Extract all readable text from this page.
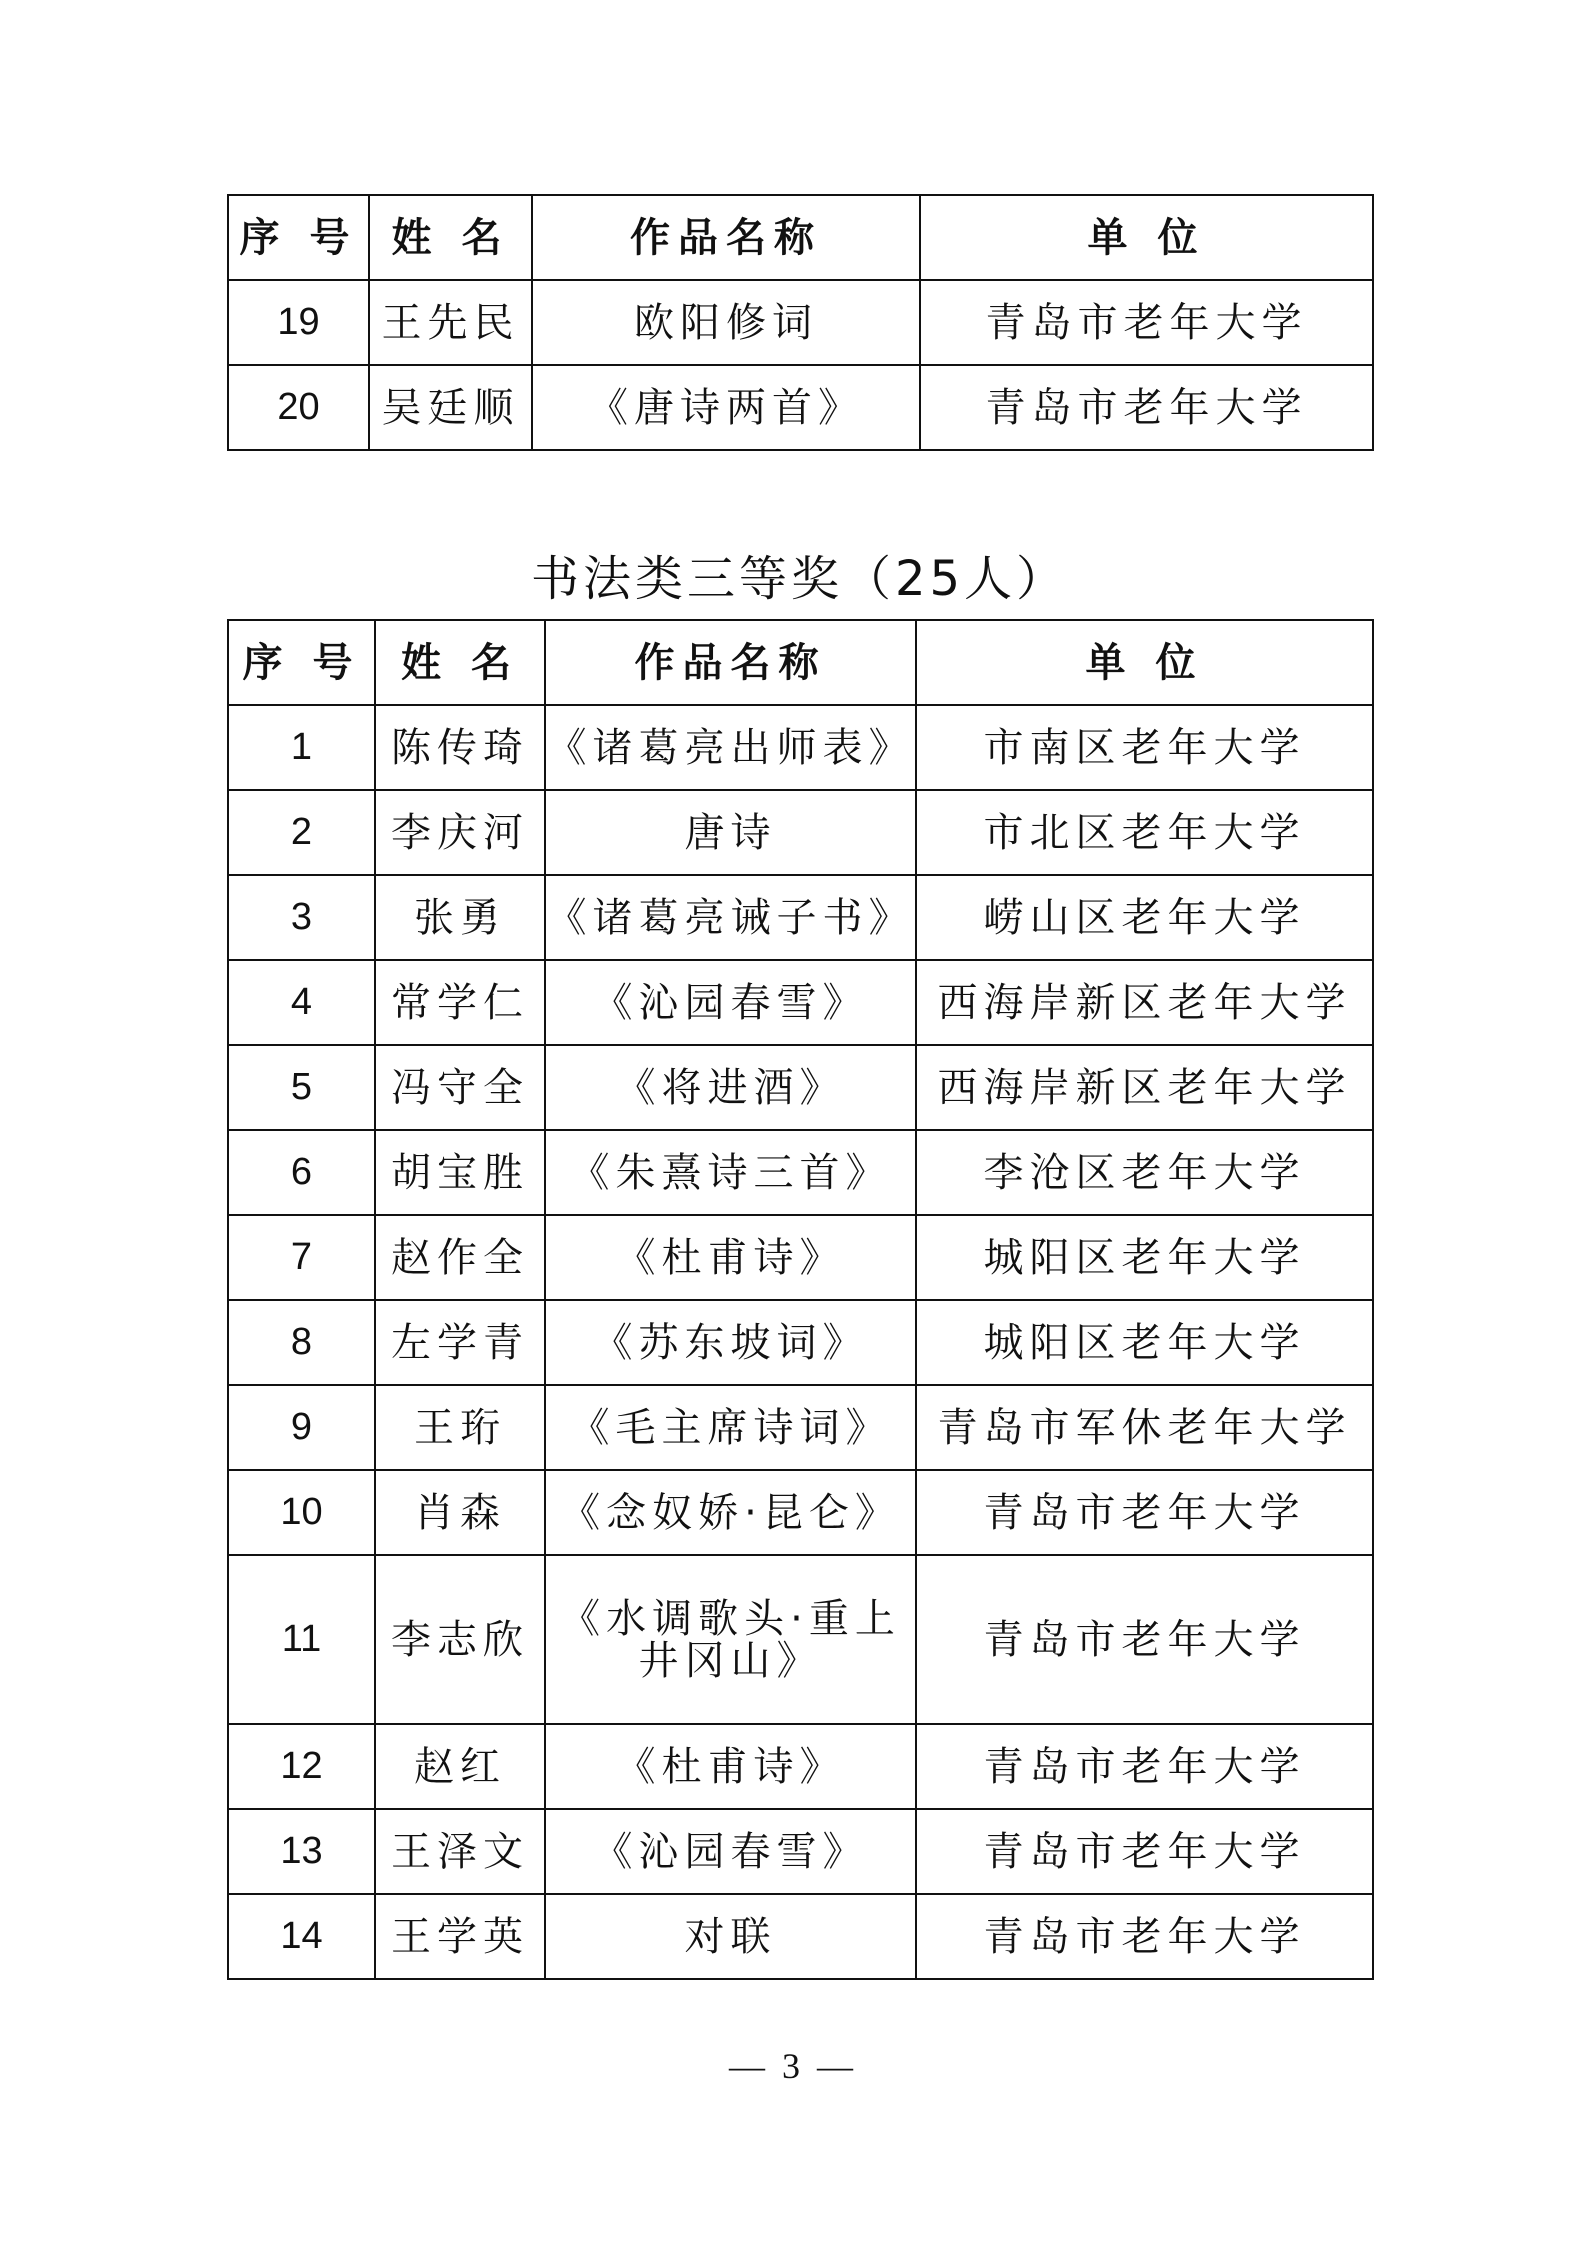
序 号	姓 名	作品名称	单 位
19	王先民	欧阳修词	青岛市老年大学
20	吴廷顺	《唐诗两首》	青岛市老年大学
书法类三等奖（25人）
序 号	姓 名	作品名称	单 位
1	陈传琦	《诸葛亮出师表》	市南区老年大学
2	李庆河	唐诗	市北区老年大学
3	张勇	《诸葛亮诫子书》	崂山区老年大学
4	常学仁	《沁园春雪》	西海岸新区老年大学
5	冯守全	《将进酒》	西海岸新区老年大学
6	胡宝胜	《朱熹诗三首》	李沧区老年大学
7	赵作全	《杜甫诗》	城阳区老年大学
8	左学青	《苏东坡词》	城阳区老年大学
9	王珩	《毛主席诗词》	青岛市军休老年大学
10	肖森	《念奴娇·昆仑》	青岛市老年大学
11	李志欣	《水调歌头·重上井冈山》	青岛市老年大学
12	赵红	《杜甫诗》	青岛市老年大学
13	王泽文	《沁园春雪》	青岛市老年大学
14	王学英	对联	青岛市老年大学
— 3 —
